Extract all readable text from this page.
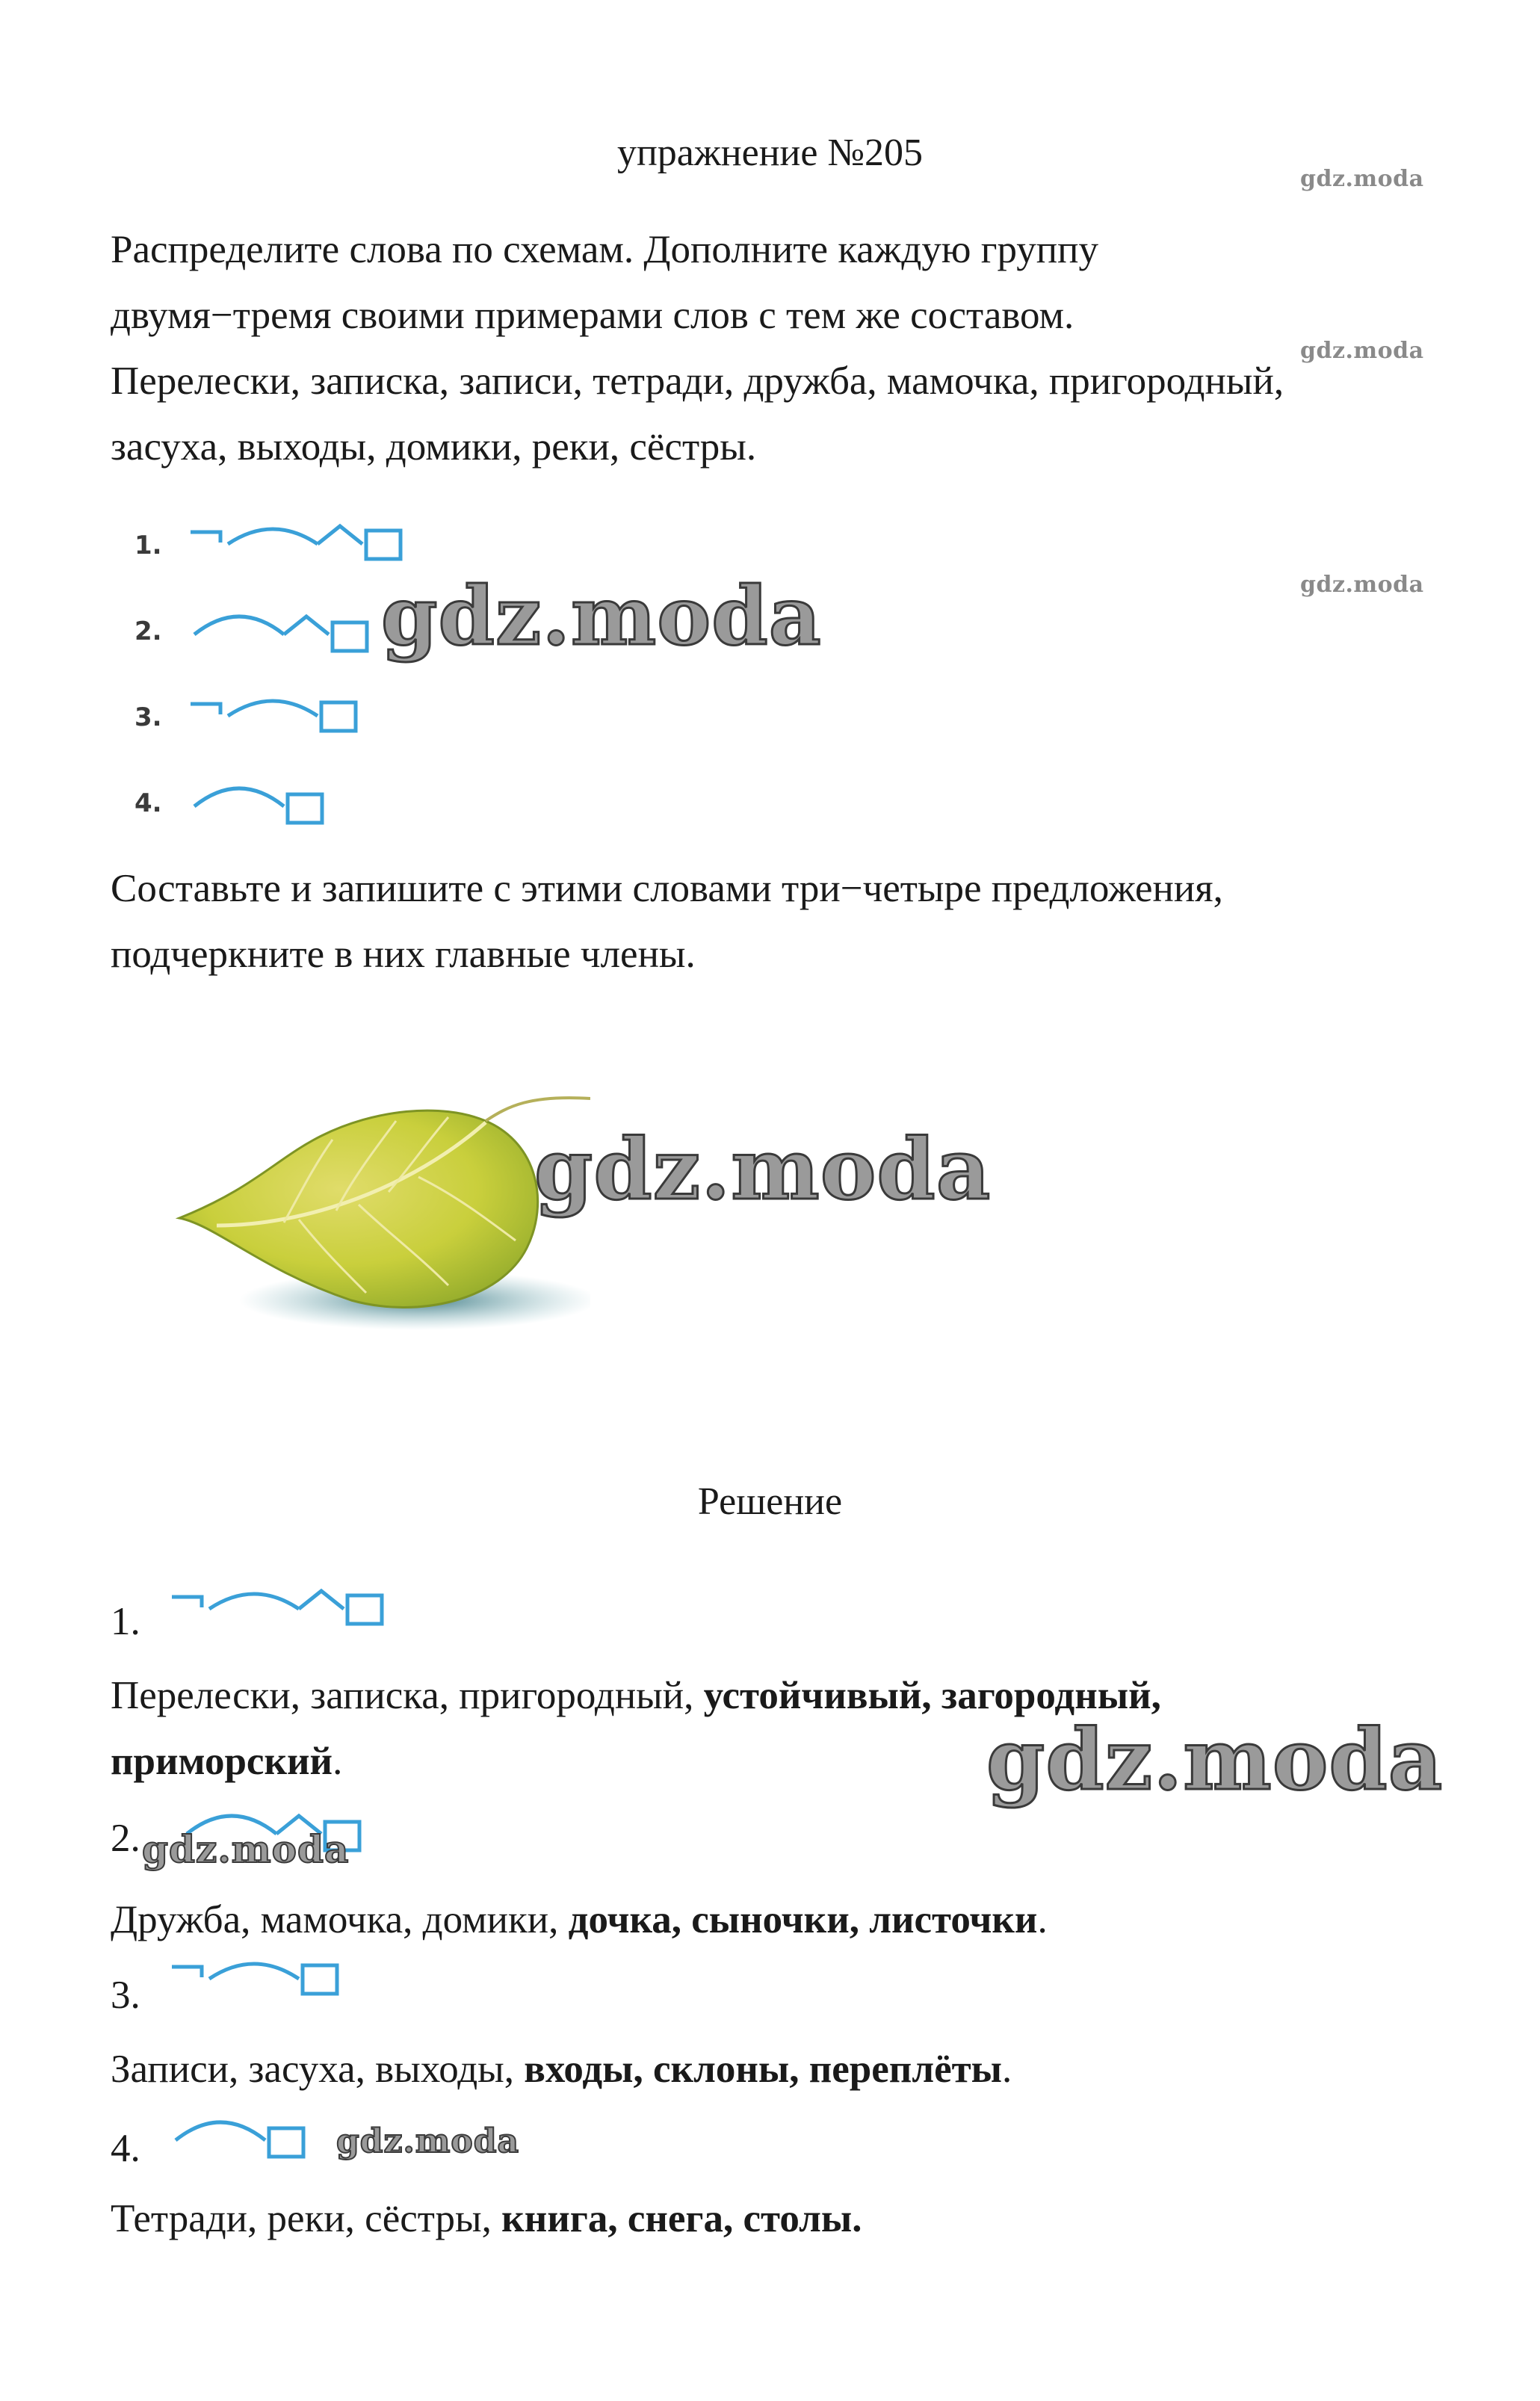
упражнение №205
gdz.moda
Распределите слова по схемам. Дополните каждую группу
двумя−тремя своими примерами слов с тем же составом.
Перелески, записка, записи, тетради, дружба, мамочка, пригородный,
засуха, выходы, домики, реки, сёстры.
gdz.moda
gdz.moda
1.
2.	gdz.moda
3.
4.
Составьте и запишите с этими словами три−четыре предложения,
подчеркните в них главные члены.
gdz.moda
Решение
1.
Перелески, записка, пригородный, устойчивый, загородный,
приморский.	gdz.moda
2. gdz.moda
Дружба, мамочка, домики, дочка, сыночки, листочки.
3.
Записи, засуха, выходы, входы, склоны, переплёты.
4.	gdz.moda
Тетради, реки, сёстры, книга, снега, столы.
